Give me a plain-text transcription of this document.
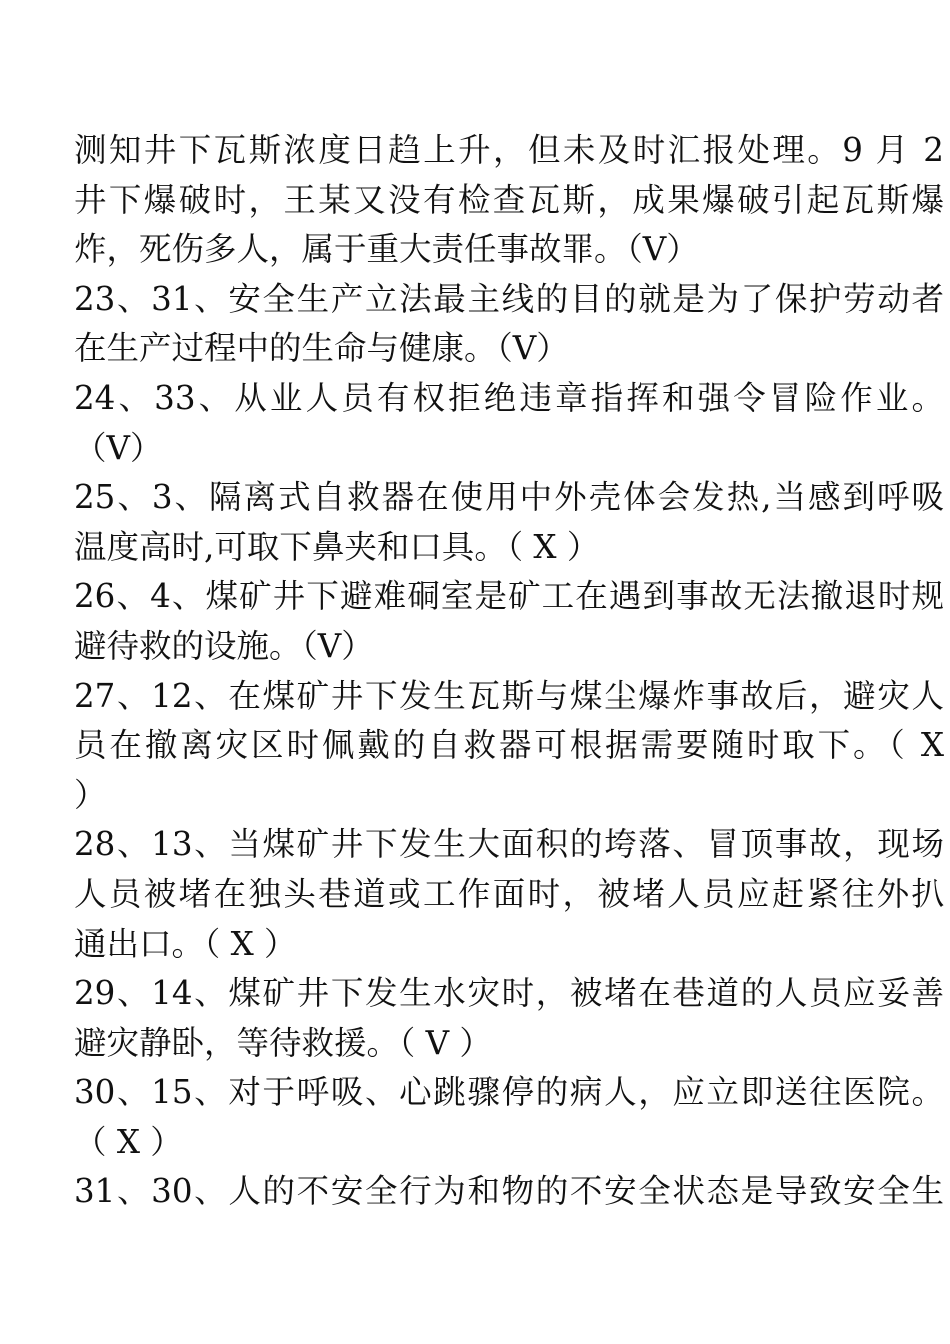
测知井下瓦斯浓度日趋上升，但未及时汇报处理。9 月 2
井下爆破时，王某又没有检查瓦斯，成果爆破引起瓦斯爆
炸，死伤多人，属于重大责任事故罪。（V）
23、31、安全生产立法最主线的目的就是为了保护劳动者
在生产过程中的生命与健康。（V）
24、33、从业人员有权拒绝违章指挥和强令冒险作业。
（V）
25、3、隔离式自救器在使用中外壳体会发热,当感到呼吸
温度高时,可取下鼻夹和口具。（ X ）
26、4、煤矿井下避难硐室是矿工在遇到事故无法撤退时规
避待救的设施。（V）
27、12、在煤矿井下发生瓦斯与煤尘爆炸事故后，避灾人
员在撤离灾区时佩戴的自救器可根据需要随时取下。（ X
）
28、13、当煤矿井下发生大面积的垮落、冒顶事故，现场
人员被堵在独头巷道或工作面时，被堵人员应赶紧往外扒
通出口。（ X ）
29、14、煤矿井下发生水灾时，被堵在巷道的人员应妥善
避灾静卧，等待救援。（ V ）
30、15、对于呼吸、心跳骤停的病人，应立即送往医院。
（ X ）
31、30、人的不安全行为和物的不安全状态是导致安全生
